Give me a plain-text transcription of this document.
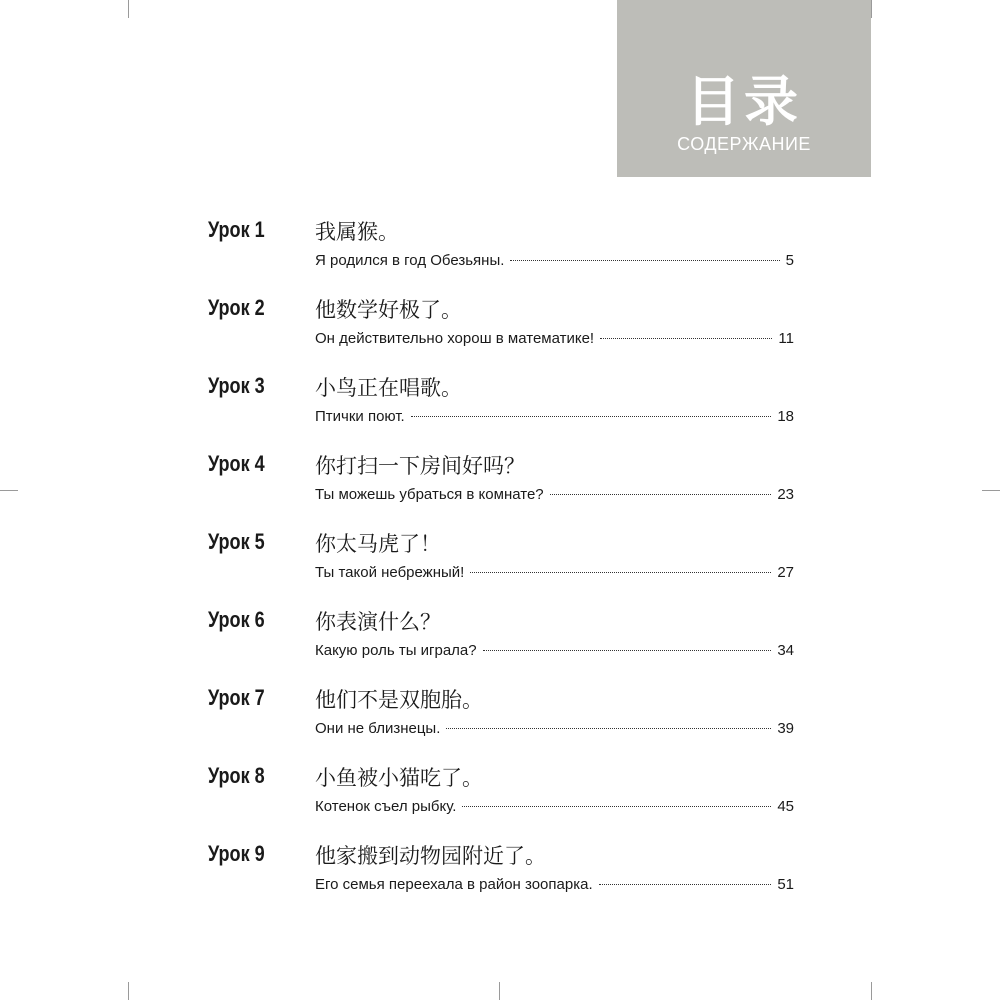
目录
СОДЕРЖАНИЕ
Урок 1 我属猴。
Я родился в год Обезьяны.	5
Урок 2 他数学好极了。
Он действительно хорош в математике!	11
Урок 3 小鸟正在唱歌。
Птички поют.	18
Урок 4 你打扫一下房间好吗？
Ты можешь убраться в комнате?	23
Урок 5 你太马虎了！
Ты такой небрежный!	27
Урок 6 你表演什么？
Какую роль ты играла?	34
Урок 7 他们不是双胞胎。
Они не близнецы.	39
Урок 8 小鱼被小猫吃了。
Котенок съел рыбку.	45
Урок 9 他家搬到动物园附近了。
Его семья переехала в район зоопарка.	51
